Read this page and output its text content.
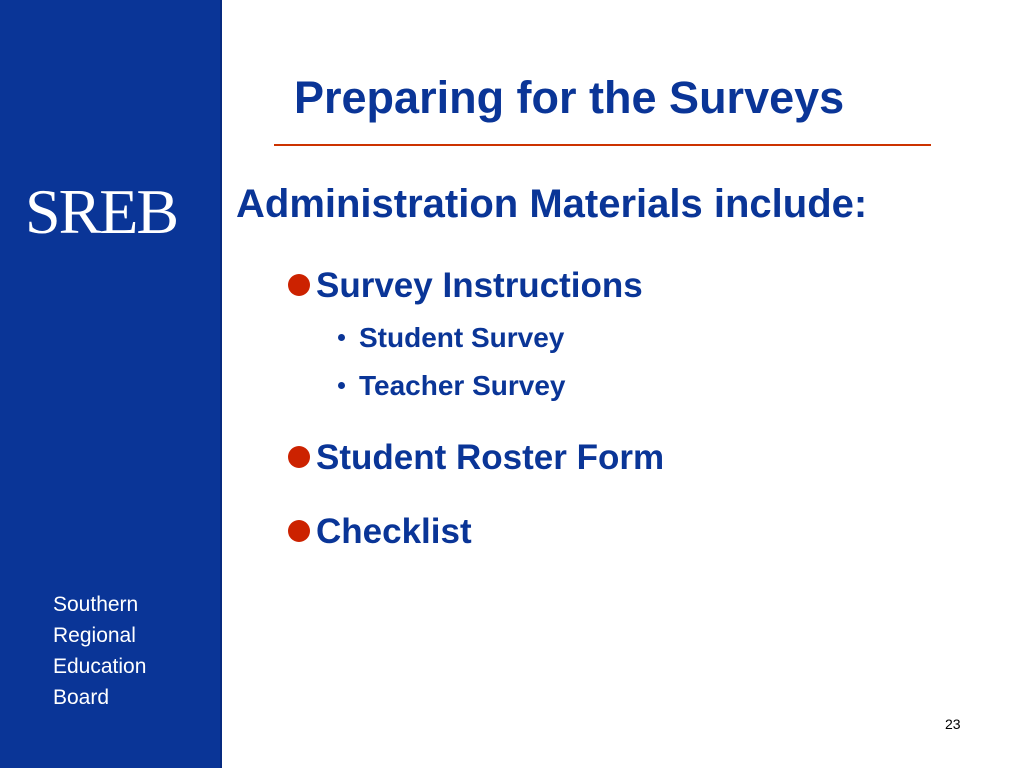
SREB
Southern
Regional
Education
Board
Preparing for the Surveys
Administration Materials include:
Survey Instructions
Student Survey
Teacher Survey
Student Roster Form
Checklist
23
